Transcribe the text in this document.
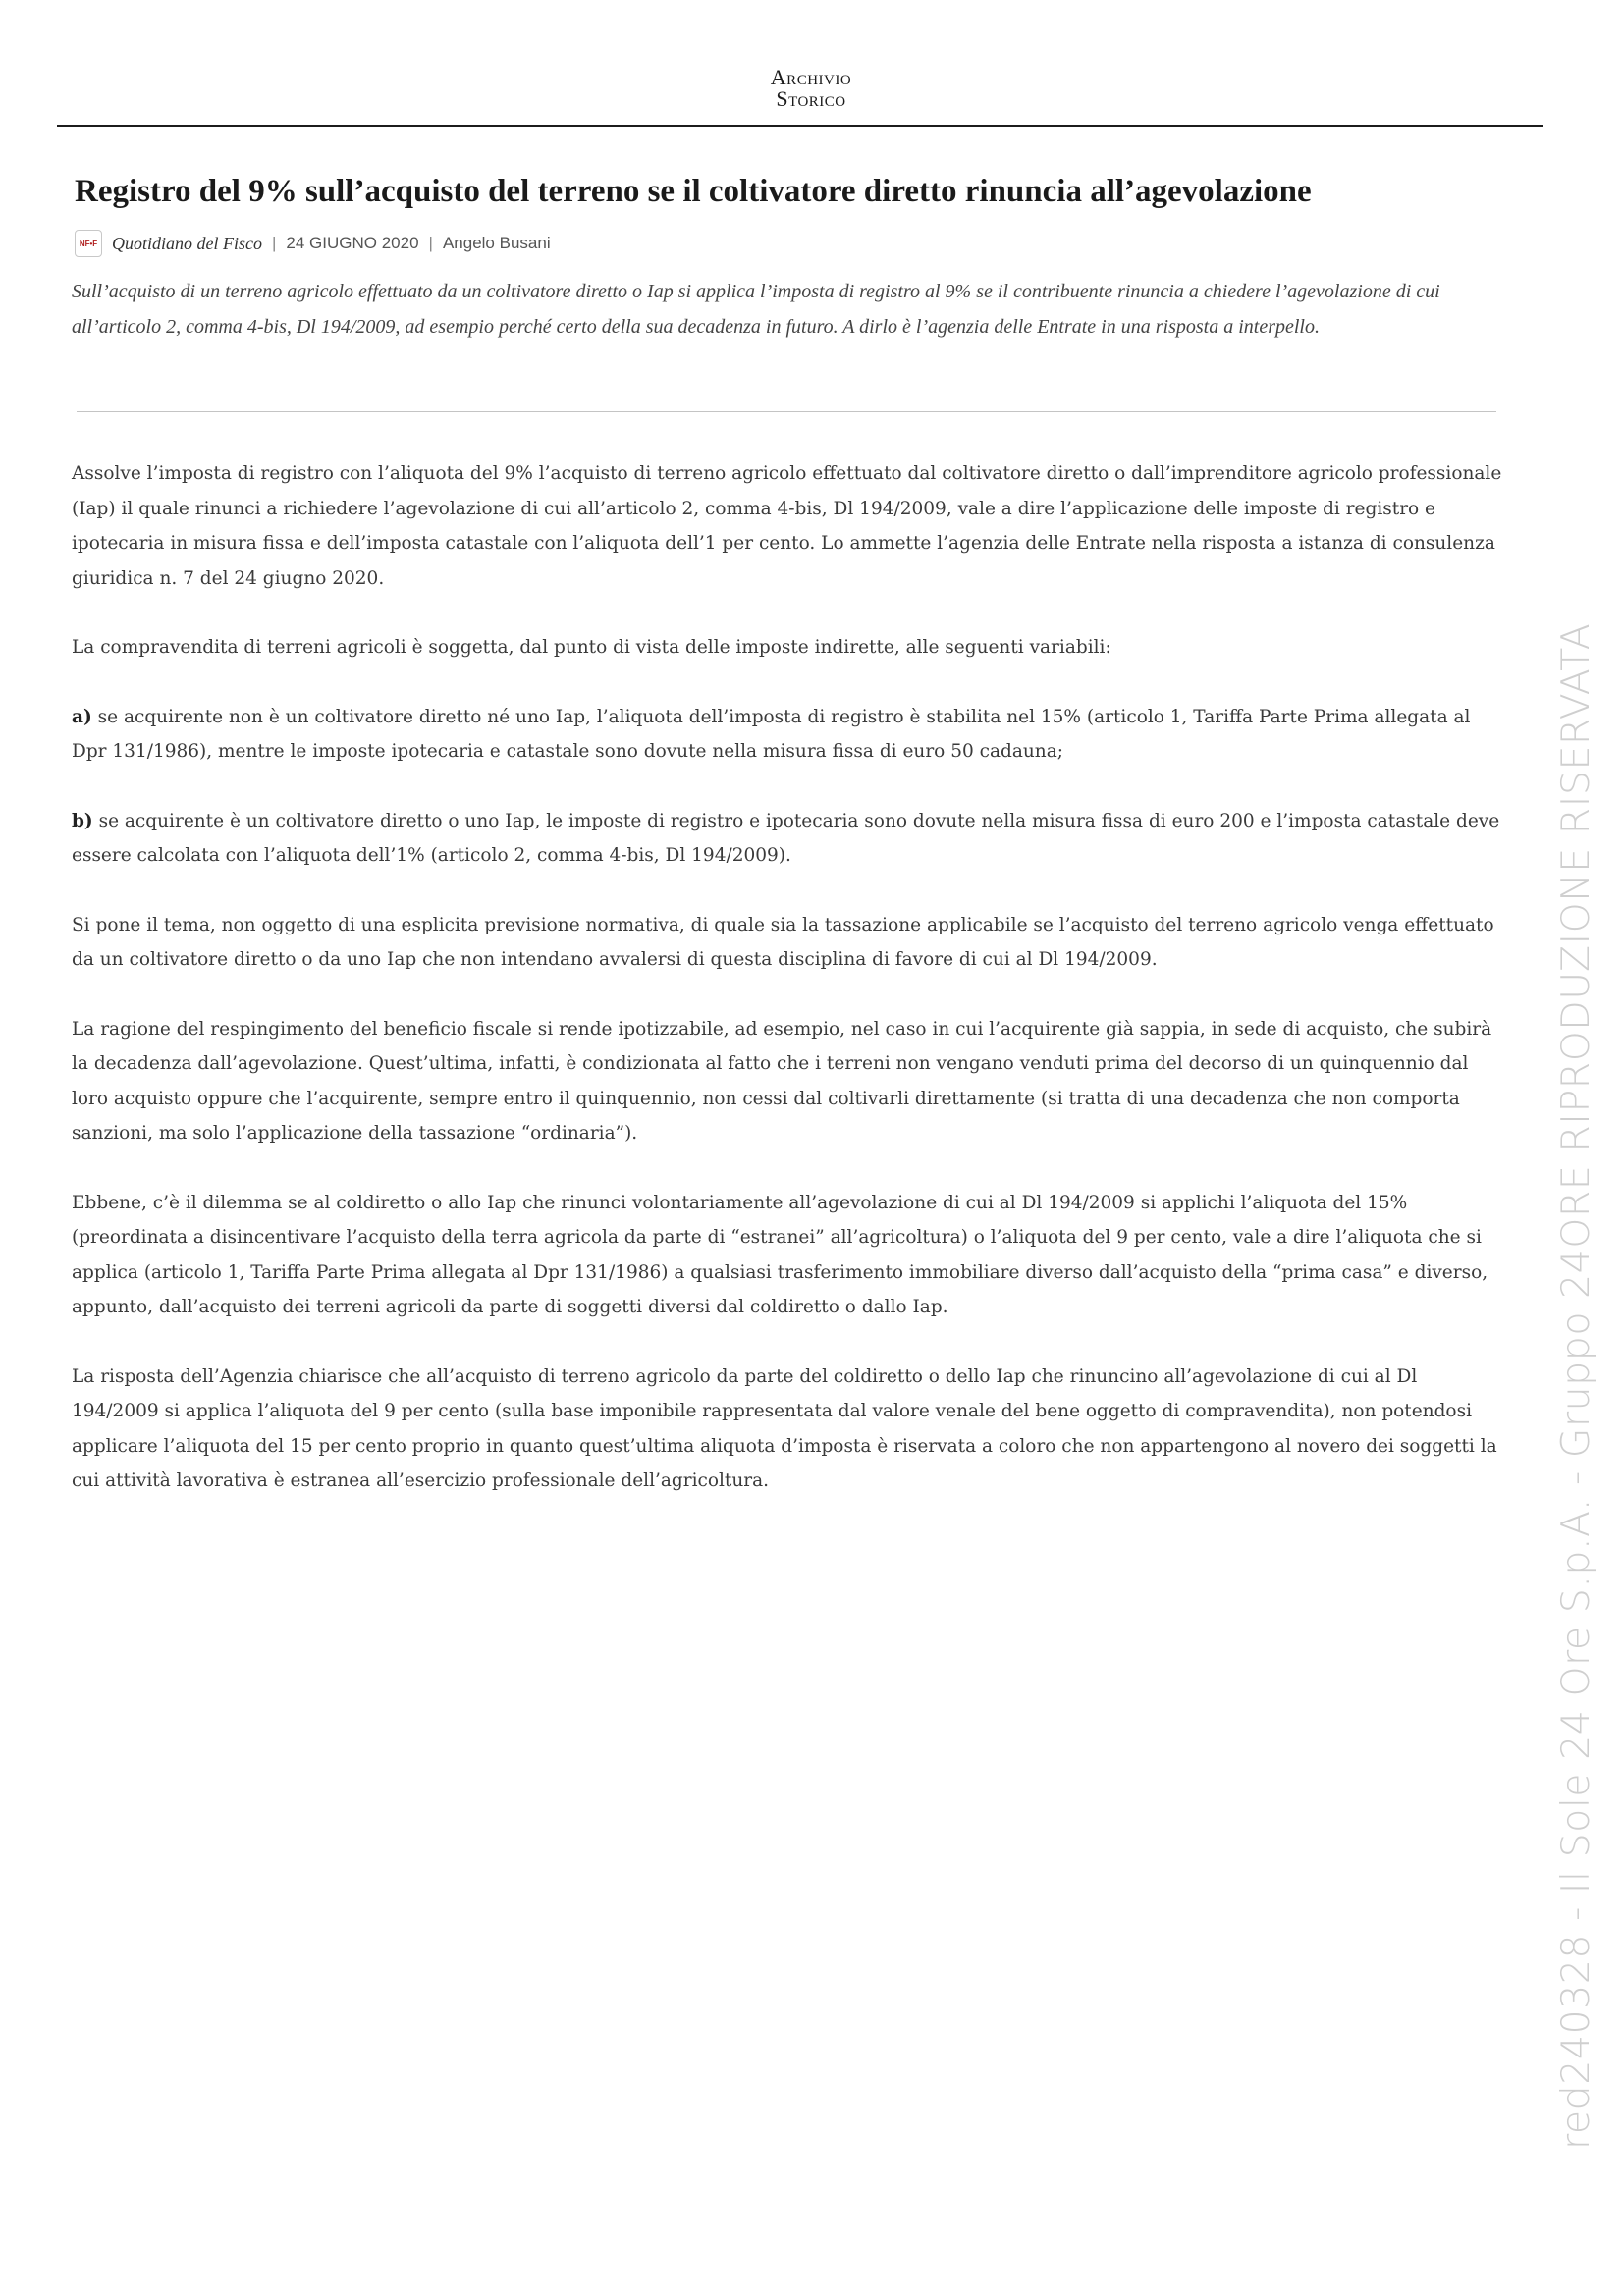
Archivio
Storico
Registro del 9% sull’acquisto del terreno se il coltivatore diretto rinuncia all’agevolazione
NF•F Quotidiano del Fisco | 24 GIUGNO 2020 | Angelo Busani

Sull’acquisto di un terreno agricolo effettuato da un coltivatore diretto o Iap si applica l’imposta di registro al 9% se il contribuente rinuncia a chiedere l’agevolazione di cui all’articolo 2, comma 4-bis, Dl 194/2009, ad esempio perché certo della sua decadenza in futuro. A dirlo è l’agenzia delle Entrate in una risposta a interpello.

Assolve l’imposta di registro con l’aliquota del 9% l’acquisto di terreno agricolo effettuato dal coltivatore diretto o dall’imprenditore agricolo professionale (Iap) il quale rinunci a richiedere l’agevolazione di cui all’articolo 2, comma 4-bis, Dl 194/2009, vale a dire l’applicazione delle imposte di registro e ipotecaria in misura fissa e dell’imposta catastale con l’aliquota dell’1 per cento. Lo ammette l’agenzia delle Entrate nella risposta a istanza di consulenza giuridica n. 7 del 24 giugno 2020.

La compravendita di terreni agricoli è soggetta, dal punto di vista delle imposte indirette, alle seguenti variabili:

a) se acquirente non è un coltivatore diretto né uno Iap, l’aliquota dell’imposta di registro è stabilita nel 15% (articolo 1, Tariffa Parte Prima allegata al Dpr 131/1986), mentre le imposte ipotecaria e catastale sono dovute nella misura fissa di euro 50 cadauna;

b) se acquirente è un coltivatore diretto o uno Iap, le imposte di registro e ipotecaria sono dovute nella misura fissa di euro 200 e l’imposta catastale deve essere calcolata con l’aliquota dell’1% (articolo 2, comma 4-bis, Dl 194/2009).

Si pone il tema, non oggetto di una esplicita previsione normativa, di quale sia la tassazione applicabile se l’acquisto del terreno agricolo venga effettuato da un coltivatore diretto o da uno Iap che non intendano avvalersi di questa disciplina di favore di cui al Dl 194/2009.

La ragione del respingimento del beneficio fiscale si rende ipotizzabile, ad esempio, nel caso in cui l’acquirente già sappia, in sede di acquisto, che subirà la decadenza dall’agevolazione. Quest’ultima, infatti, è condizionata al fatto che i terreni non vengano venduti prima del decorso di un quinquennio dal loro acquisto oppure che l’acquirente, sempre entro il quinquennio, non cessi dal coltivarli direttamente (si tratta di una decadenza che non comporta sanzioni, ma solo l’applicazione della tassazione “ordinaria”).

Ebbene, c’è il dilemma se al coldiretto o allo Iap che rinunci volontariamente all’agevolazione di cui al Dl 194/2009 si applichi l’aliquota del 15% (preordinata a disincentivare l’acquisto della terra agricola da parte di “estranei” all’agricoltura) o l’aliquota del 9 per cento, vale a dire l’aliquota che si applica (articolo 1, Tariffa Parte Prima allegata al Dpr 131/1986) a qualsiasi trasferimento immobiliare diverso dall’acquisto della “prima casa” e diverso, appunto, dall’acquisto dei terreni agricoli da parte di soggetti diversi dal coldiretto o dallo Iap.

La risposta dell’Agenzia chiarisce che all’acquisto di terreno agricolo da parte del coldiretto o dello Iap che rinuncino all’agevolazione di cui al Dl 194/2009 si applica l’aliquota del 9 per cento (sulla base imponibile rappresentata dal valore venale del bene oggetto di compravendita), non potendosi applicare l’aliquota del 15 per cento proprio in quanto quest’ultima aliquota d’imposta è riservata a coloro che non appartengono al novero dei soggetti la cui attività lavorativa è estranea all’esercizio professionale dell’agricoltura.	red240328 - Il Sole 24 Ore S.p.A. - Gruppo 24ORE RIPRODUZIONE RISERVATA
